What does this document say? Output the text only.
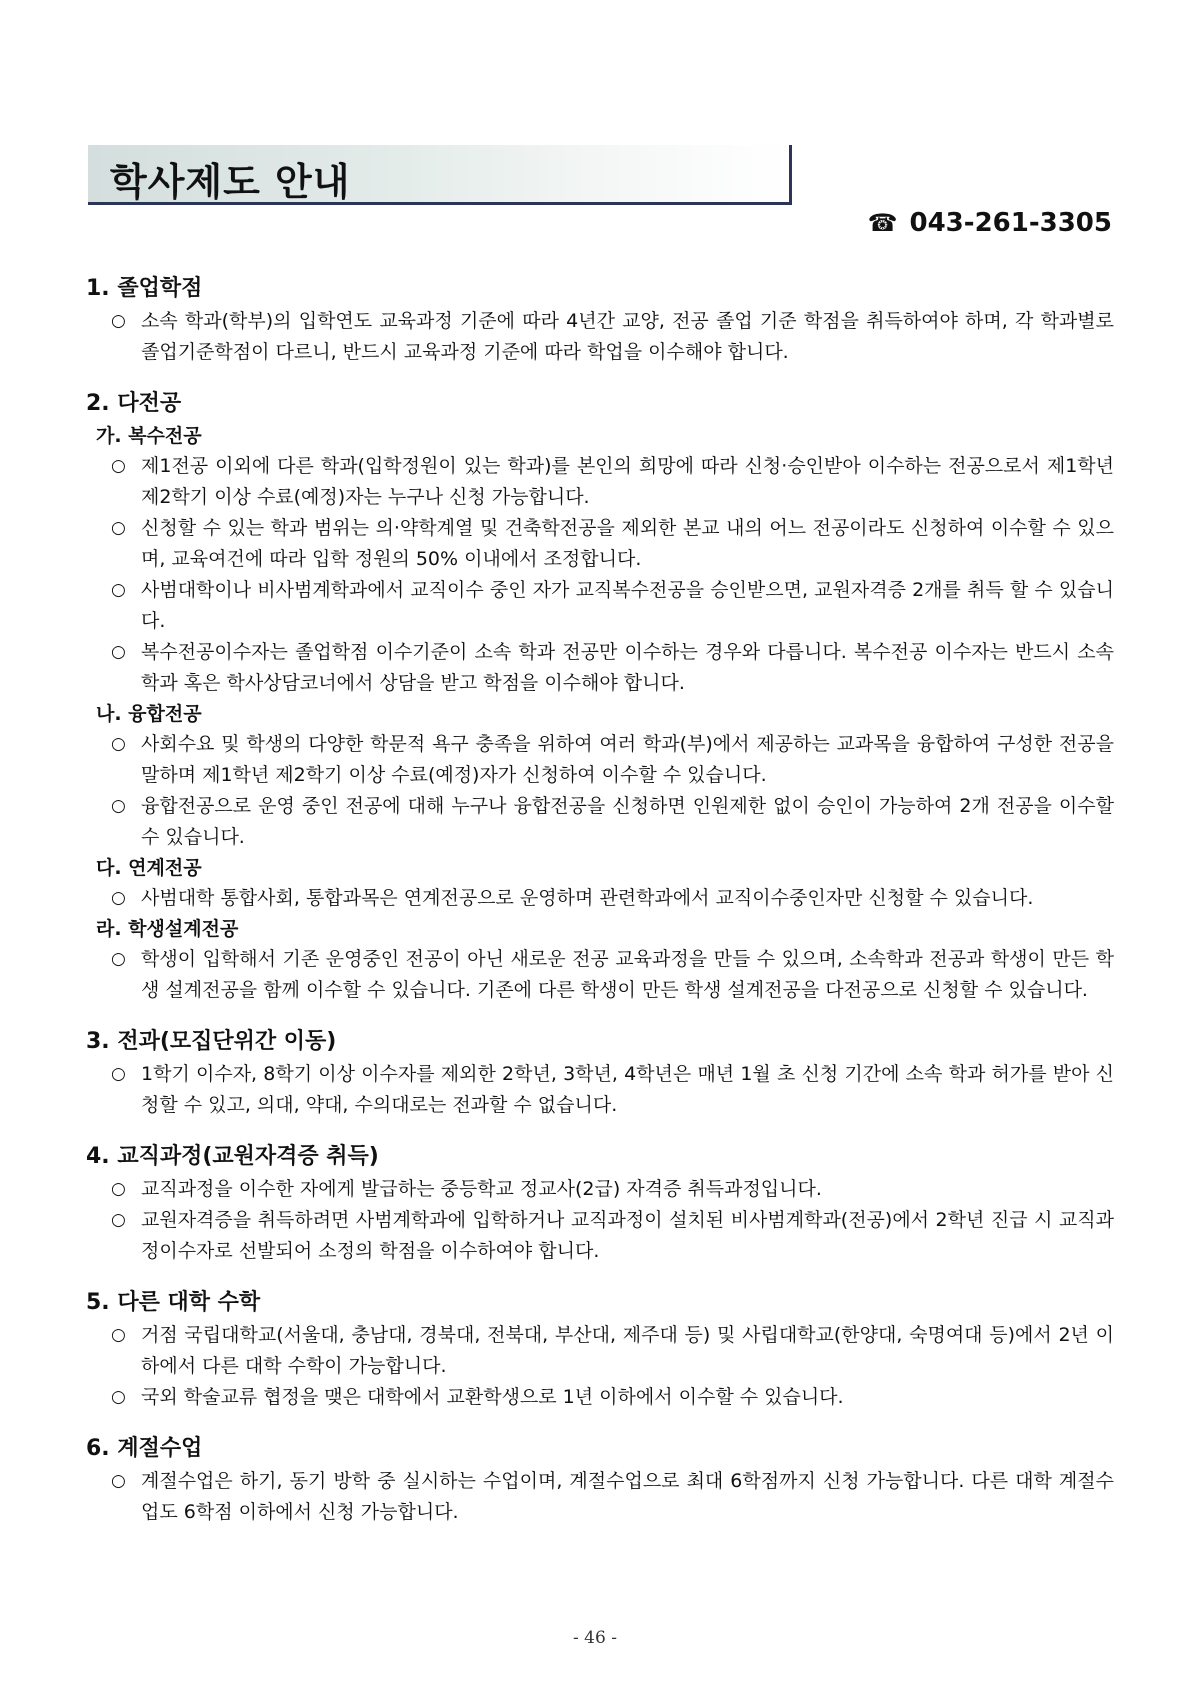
학사제도 안내
☎ 043-261-3305
1. 졸업학점
○ 소속 학과(학부)의 입학연도 교육과정 기준에 따라 4년간 교양, 전공 졸업 기준 학점을 취득하여야 하며, 각 학과별로 졸업기준학점이 다르니, 반드시 교육과정 기준에 따라 학업을 이수해야 합니다.
2. 다전공
가. 복수전공
○ 제1전공 이외에 다른 학과(입학정원이 있는 학과)를 본인의 희망에 따라 신청·승인받아 이수하는 전공으로서 제1학년 제2학기 이상 수료(예정)자는 누구나 신청 가능합니다.
○ 신청할 수 있는 학과 범위는 의·약학계열 및 건축학전공을 제외한 본교 내의 어느 전공이라도 신청하여 이수할 수 있으며, 교육여건에 따라 입학 정원의 50% 이내에서 조정합니다.
○ 사범대학이나 비사범계학과에서 교직이수 중인 자가 교직복수전공을 승인받으면, 교원자격증 2개를 취득 할 수 있습니다.
○ 복수전공이수자는 졸업학점 이수기준이 소속 학과 전공만 이수하는 경우와 다릅니다. 복수전공 이수자는 반드시 소속 학과 혹은 학사상담코너에서 상담을 받고 학점을 이수해야 합니다.
나. 융합전공
○ 사회수요 및 학생의 다양한 학문적 욕구 충족을 위하여 여러 학과(부)에서 제공하는 교과목을 융합하여 구성한 전공을 말하며 제1학년 제2학기 이상 수료(예정)자가 신청하여 이수할 수 있습니다.
○ 융합전공으로 운영 중인 전공에 대해 누구나 융합전공을 신청하면 인원제한 없이 승인이 가능하여 2개 전공을 이수할 수 있습니다.
다. 연계전공
○ 사범대학 통합사회, 통합과목은 연계전공으로 운영하며 관련학과에서 교직이수중인자만 신청할 수 있습니다.
라. 학생설계전공
○ 학생이 입학해서 기존 운영중인 전공이 아닌 새로운 전공 교육과정을 만들 수 있으며, 소속학과 전공과 학생이 만든 학생 설계전공을 함께 이수할 수 있습니다. 기존에 다른 학생이 만든 학생 설계전공을 다전공으로 신청할 수 있습니다.
3. 전과(모집단위간 이동)
○ 1학기 이수자, 8학기 이상 이수자를 제외한 2학년, 3학년, 4학년은 매년 1월 초 신청 기간에 소속 학과 허가를 받아 신청할 수 있고, 의대, 약대, 수의대로는 전과할 수 없습니다.
4. 교직과정(교원자격증 취득)
○ 교직과정을 이수한 자에게 발급하는 중등학교 정교사(2급) 자격증 취득과정입니다.
○ 교원자격증을 취득하려면 사범계학과에 입학하거나 교직과정이 설치된 비사범계학과(전공)에서 2학년 진급 시 교직과정이수자로 선발되어 소정의 학점을 이수하여야 합니다.
5. 다른 대학 수학
○ 거점 국립대학교(서울대, 충남대, 경북대, 전북대, 부산대, 제주대 등) 및 사립대학교(한양대, 숙명여대 등)에서 2년 이하에서 다른 대학 수학이 가능합니다.
○ 국외 학술교류 협정을 맺은 대학에서 교환학생으로 1년 이하에서 이수할 수 있습니다.
6. 계절수업
○ 계절수업은 하기, 동기 방학 중 실시하는 수업이며, 계절수업으로 최대 6학점까지 신청 가능합니다. 다른 대학 계절수업도 6학점 이하에서 신청 가능합니다.
- 46 -
